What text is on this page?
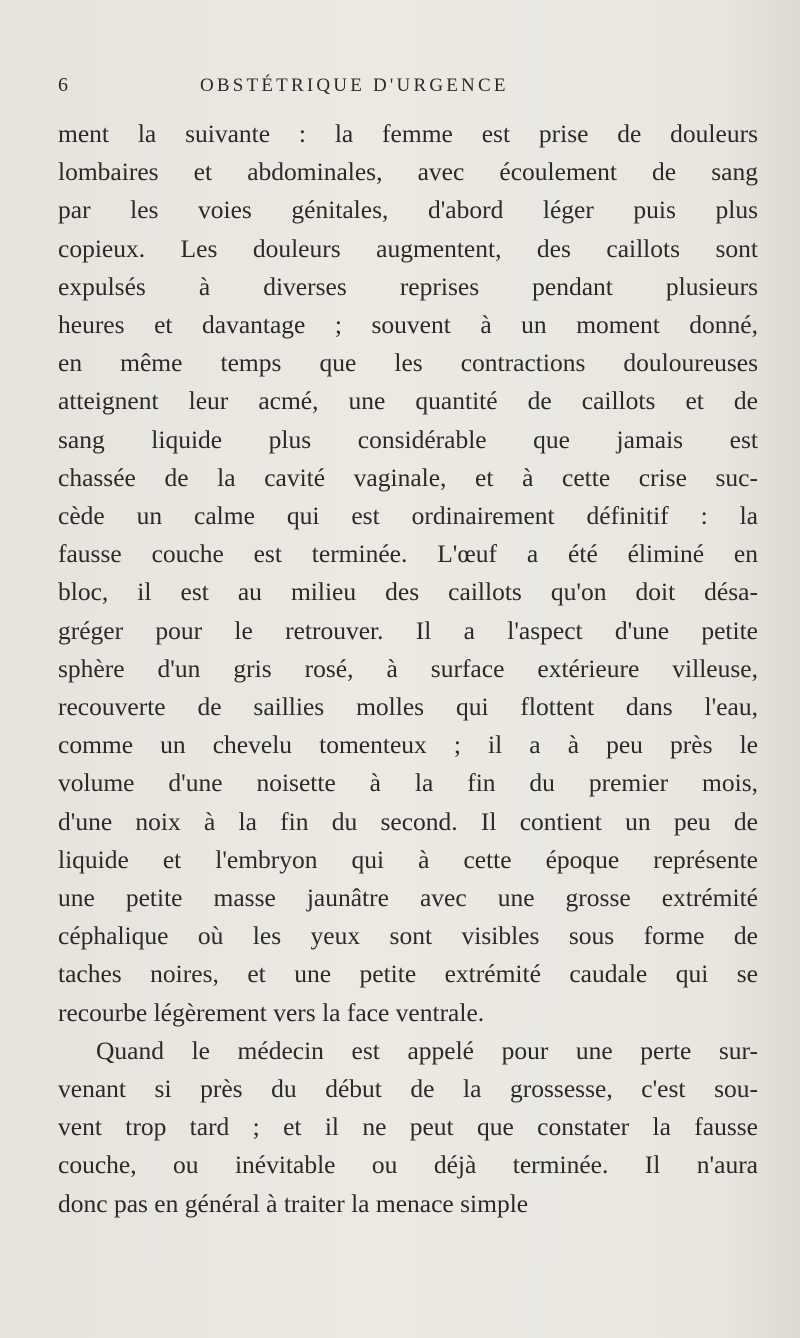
6	OBSTÉTRIQUE D'URGENCE

ment la suivante : la femme est prise de douleurs

lombaires et abdominales, avec écoulement de sang

par les voies génitales, d'abord léger puis plus

copieux. Les douleurs augmentent, des caillots sont

expulsés à diverses reprises pendant plusieurs

heures et davantage ; souvent à un moment donné,

en même temps que les contractions douloureuses

atteignent leur acmé, une quantité de caillots et de

sang liquide plus considérable que jamais est

chassée de la cavité vaginale, et à cette crise suc-

cède un calme qui est ordinairement définitif : la

fausse couche est terminée. L'œuf a été éliminé en

bloc, il est au milieu des caillots qu'on doit désa-

gréger pour le retrouver. Il a l'aspect d'une petite

sphère d'un gris rosé, à surface extérieure villeuse,

recouverte de saillies molles qui flottent dans l'eau,

comme un chevelu tomenteux ; il a à peu près le

volume d'une noisette à la fin du premier mois,

d'une noix à la fin du second. Il contient un peu de

liquide et l'embryon qui à cette époque représente

une petite masse jaunâtre avec une grosse extrémité

céphalique où les yeux sont visibles sous forme de

taches noires, et une petite extrémité caudale qui se

recourbe légèrement vers la face ventrale.

Quand le médecin est appelé pour une perte sur-

venant si près du début de la grossesse, c'est sou-

vent trop tard ; et il ne peut que constater la fausse

couche, ou inévitable ou déjà terminée. Il n'aura

donc pas en général à traiter la menace simple
